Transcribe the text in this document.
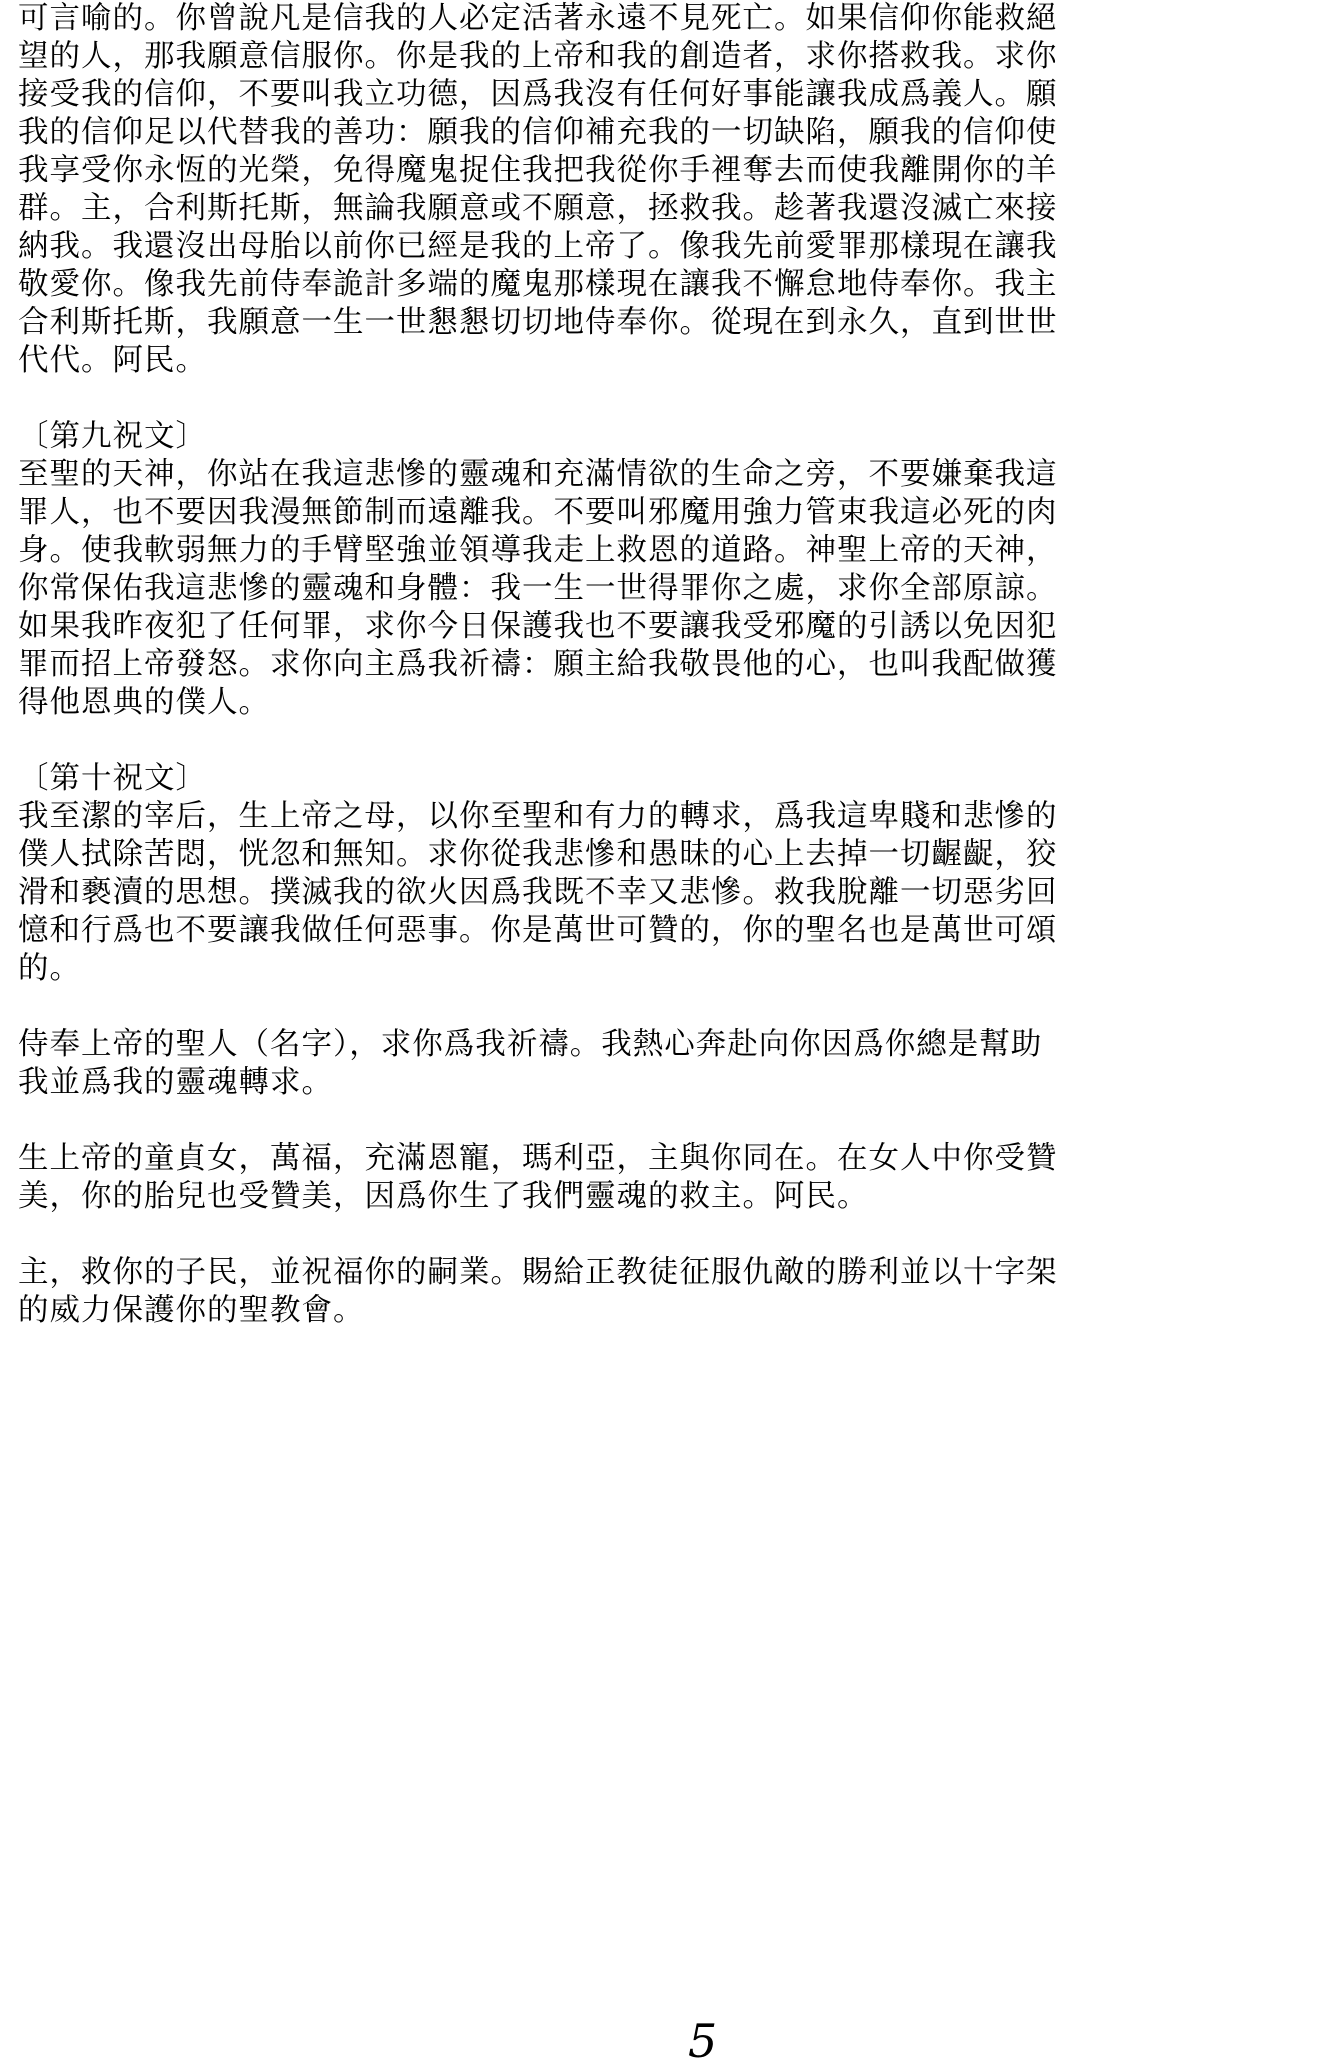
可言喻的。你曾說凡是信我的人必定活著永遠不見死亡。如果信仰你能救絕
望的人，那我願意信服你。你是我的上帝和我的創造者，求你搭救我。求你
接受我的信仰，不要叫我立功德，因爲我沒有任何好事能讓我成爲義人。願
我的信仰足以代替我的善功：願我的信仰補充我的一切缺陷，願我的信仰使
我享受你永恆的光榮，免得魔鬼捉住我把我從你手裡奪去而使我離開你的羊
群。主，合利斯托斯，無論我願意或不願意，拯救我。趁著我還沒滅亡來接
納我。我還沒出母胎以前你已經是我的上帝了。像我先前愛罪那樣現在讓我
敬愛你。像我先前侍奉詭計多端的魔鬼那樣現在讓我不懈怠地侍奉你。我主
合利斯托斯，我願意一生一世懇懇切切地侍奉你。從現在到永久，直到世世
代代。阿民。

〔第九祝文〕

至聖的天神，你站在我這悲慘的靈魂和充滿情欲的生命之旁，不要嫌棄我這
罪人，也不要因我漫無節制而遠離我。不要叫邪魔用強力管束我這必死的肉
身。使我軟弱無力的手臂堅強並領導我走上救恩的道路。神聖上帝的天神，
你常保佑我這悲慘的靈魂和身體：我一生一世得罪你之處，求你全部原諒。
如果我昨夜犯了任何罪，求你今日保護我也不要讓我受邪魔的引誘以免因犯
罪而招上帝發怒。求你向主爲我祈禱：願主給我敬畏他的心，也叫我配做獲
得他恩典的僕人。

〔第十祝文〕

我至潔的宰后，生上帝之母，以你至聖和有力的轉求，爲我這卑賤和悲慘的
僕人拭除苦悶，恍忽和無知。求你從我悲慘和愚昧的心上去掉一切齷齪，狡
滑和褻瀆的思想。撲滅我的欲火因爲我既不幸又悲慘。救我脫離一切惡劣回
憶和行爲也不要讓我做任何惡事。你是萬世可贊的，你的聖名也是萬世可頌
的。

侍奉上帝的聖人（名字），求你爲我祈禱。我熱心奔赴向你因爲你總是幫助
我並爲我的靈魂轉求。

生上帝的童貞女，萬福，充滿恩寵，瑪利亞，主與你同在。在女人中你受贊
美，你的胎兒也受贊美，因爲你生了我們靈魂的救主。阿民。

主，救你的子民，並祝福你的嗣業。賜給正教徒征服仇敵的勝利並以十字架
的威力保護你的聖教會。

5
